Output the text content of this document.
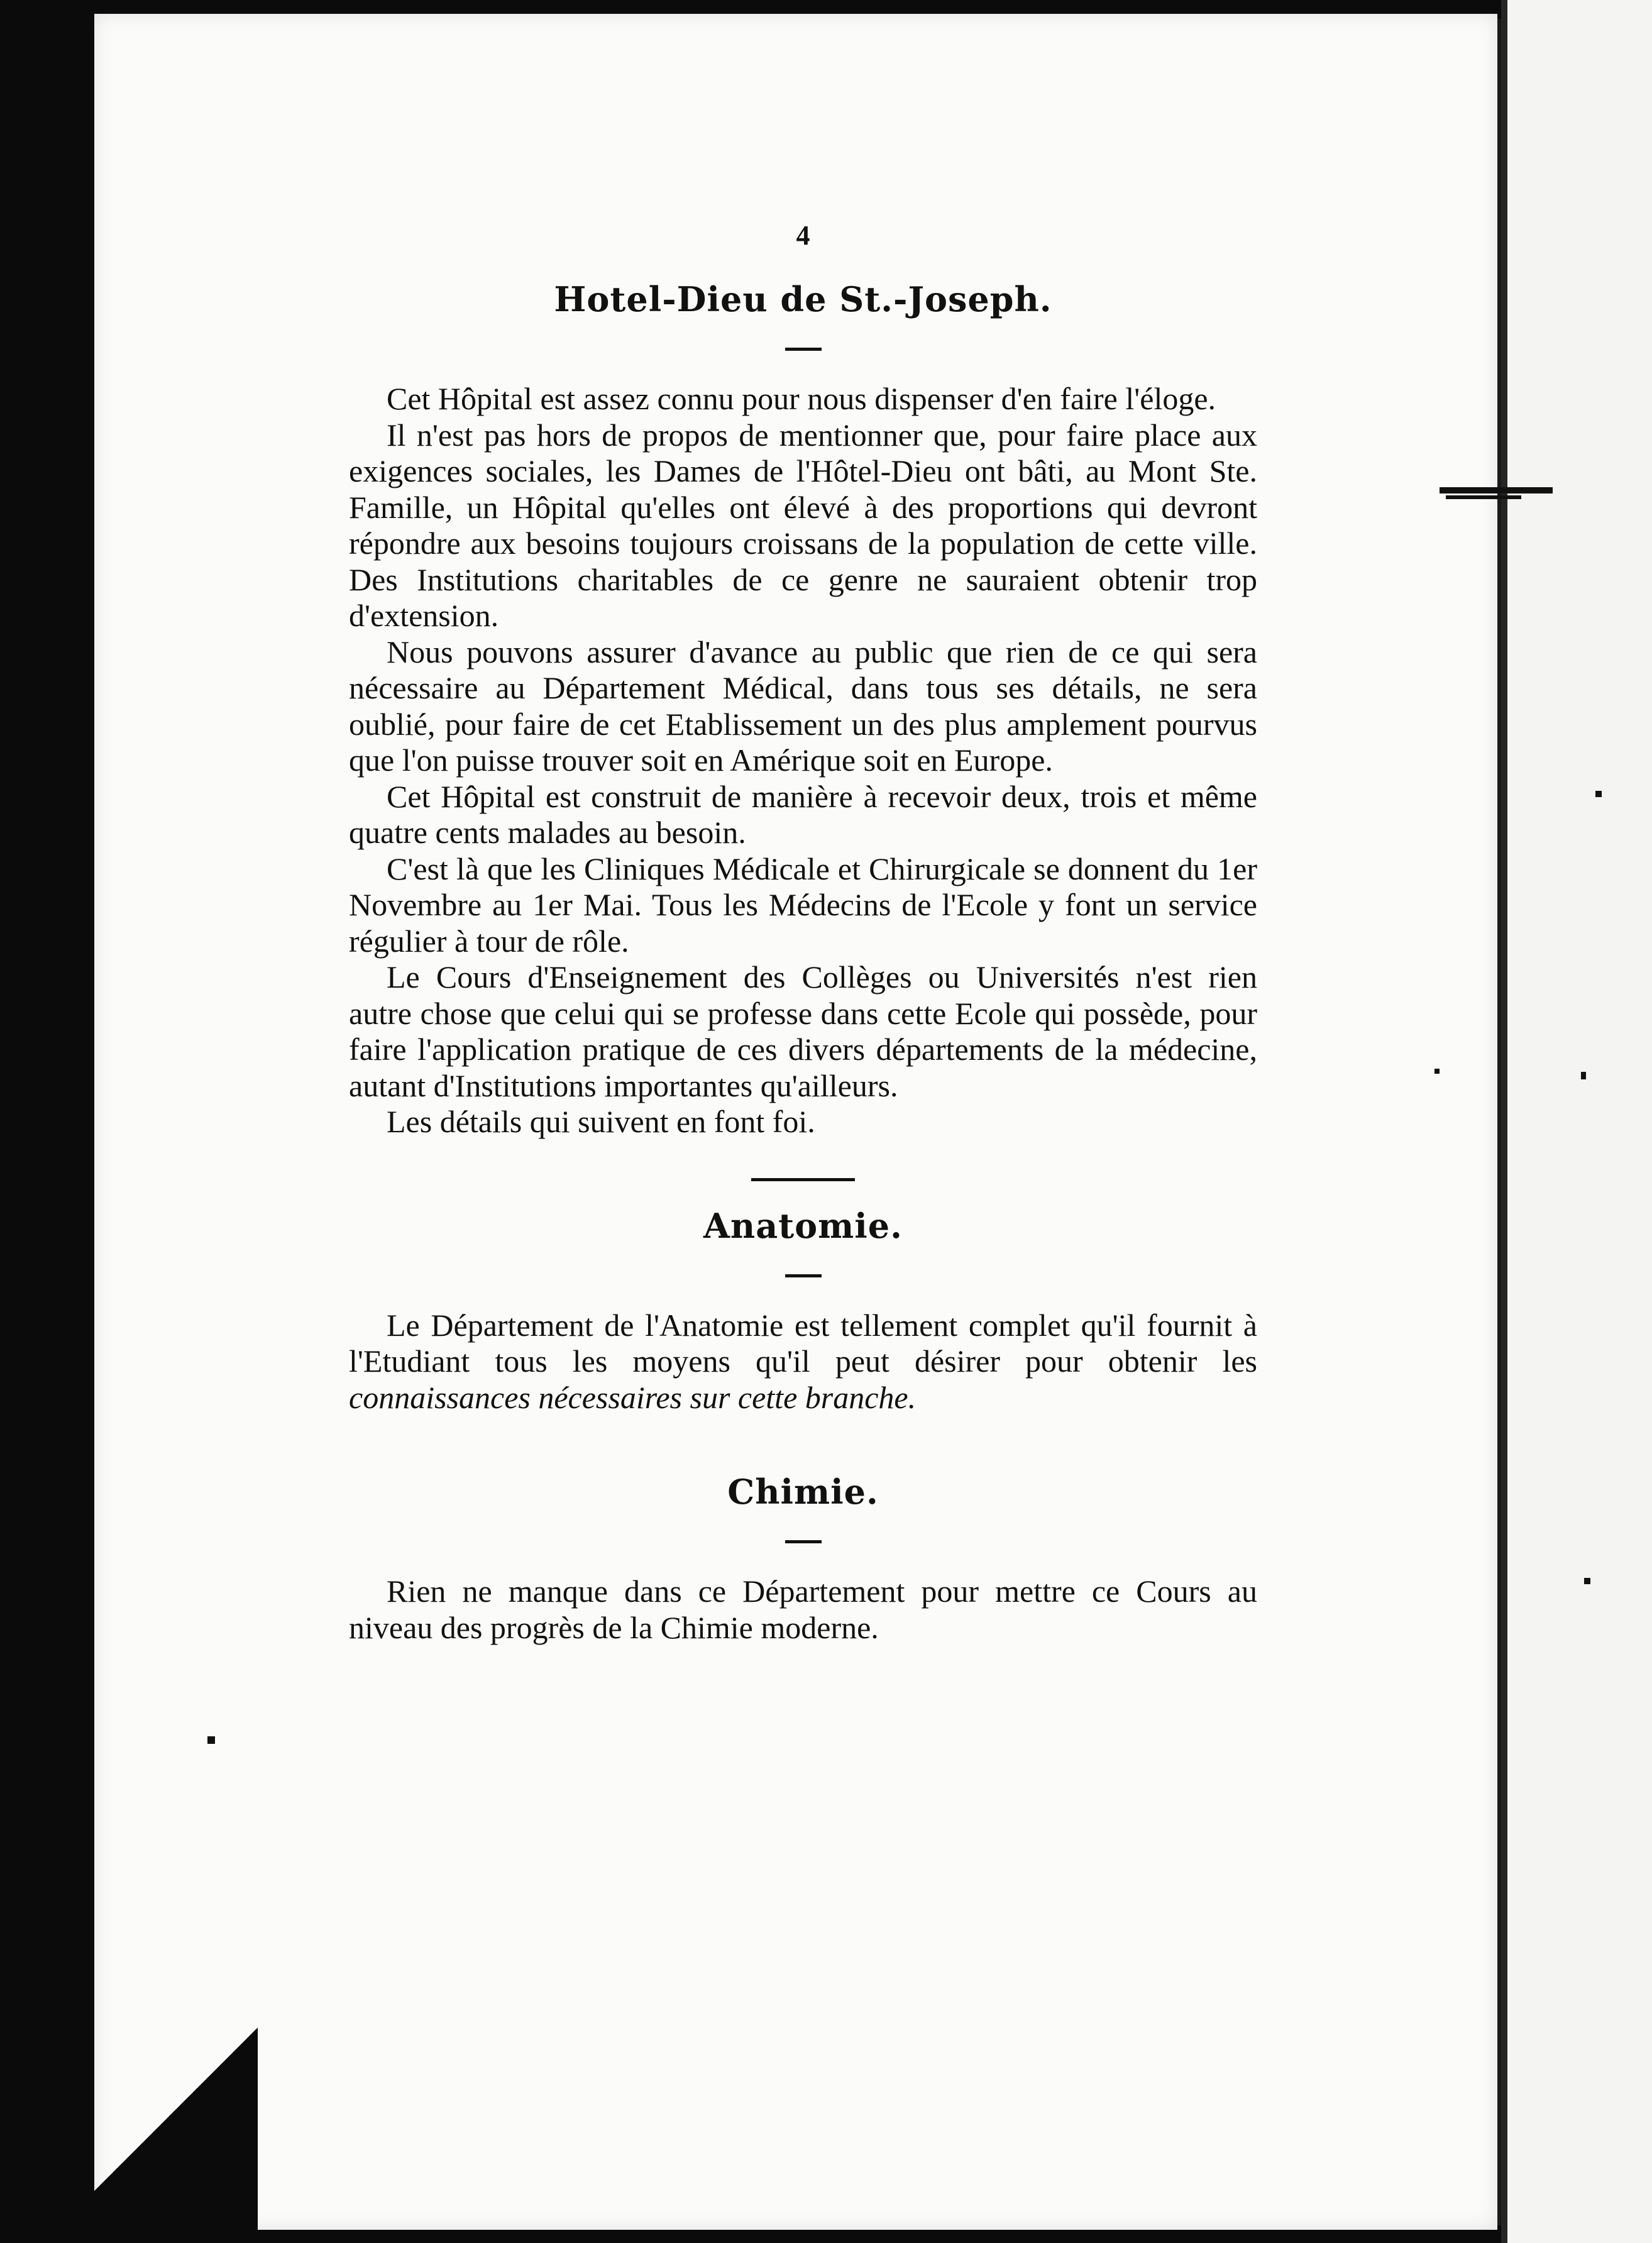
4
Hotel-Dieu de St.-Joseph.

Cet Hôpital est assez connu pour nous dispenser d'en faire l'éloge.

Il n'est pas hors de propos de mentionner que, pour faire place aux exigences sociales, les Dames de l'Hôtel-Dieu ont bâti, au Mont Ste. Famille, un Hôpital qu'elles ont élevé à des proportions qui devront répondre aux besoins toujours croissans de la population de cette ville. Des Institutions charitables de ce genre ne sauraient obtenir trop d'extension.

Nous pouvons assurer d'avance au public que rien de ce qui sera nécessaire au Département Médical, dans tous ses détails, ne sera oublié, pour faire de cet Etablissement un des plus amplement pourvus que l'on puisse trouver soit en Amérique soit en Europe.

Cet Hôpital est construit de manière à recevoir deux, trois et même quatre cents malades au besoin.

C'est là que les Cliniques Médicale et Chirurgicale se donnent du 1er Novembre au 1er Mai. Tous les Médecins de l'Ecole y font un service régulier à tour de rôle.

Le Cours d'Enseignement des Collèges ou Universités n'est rien autre chose que celui qui se professe dans cette Ecole qui possède, pour faire l'application pratique de ces divers départements de la médecine, autant d'Institutions importantes qu'ailleurs.

Les détails qui suivent en font foi.

Anatomie.

Le Département de l'Anatomie est tellement complet qu'il fournit à l'Etudiant tous les moyens qu'il peut désirer pour obtenir les connaissances nécessaires sur cette branche.

Chimie.

Rien ne manque dans ce Département pour mettre ce Cours au niveau des progrès de la Chimie moderne.
